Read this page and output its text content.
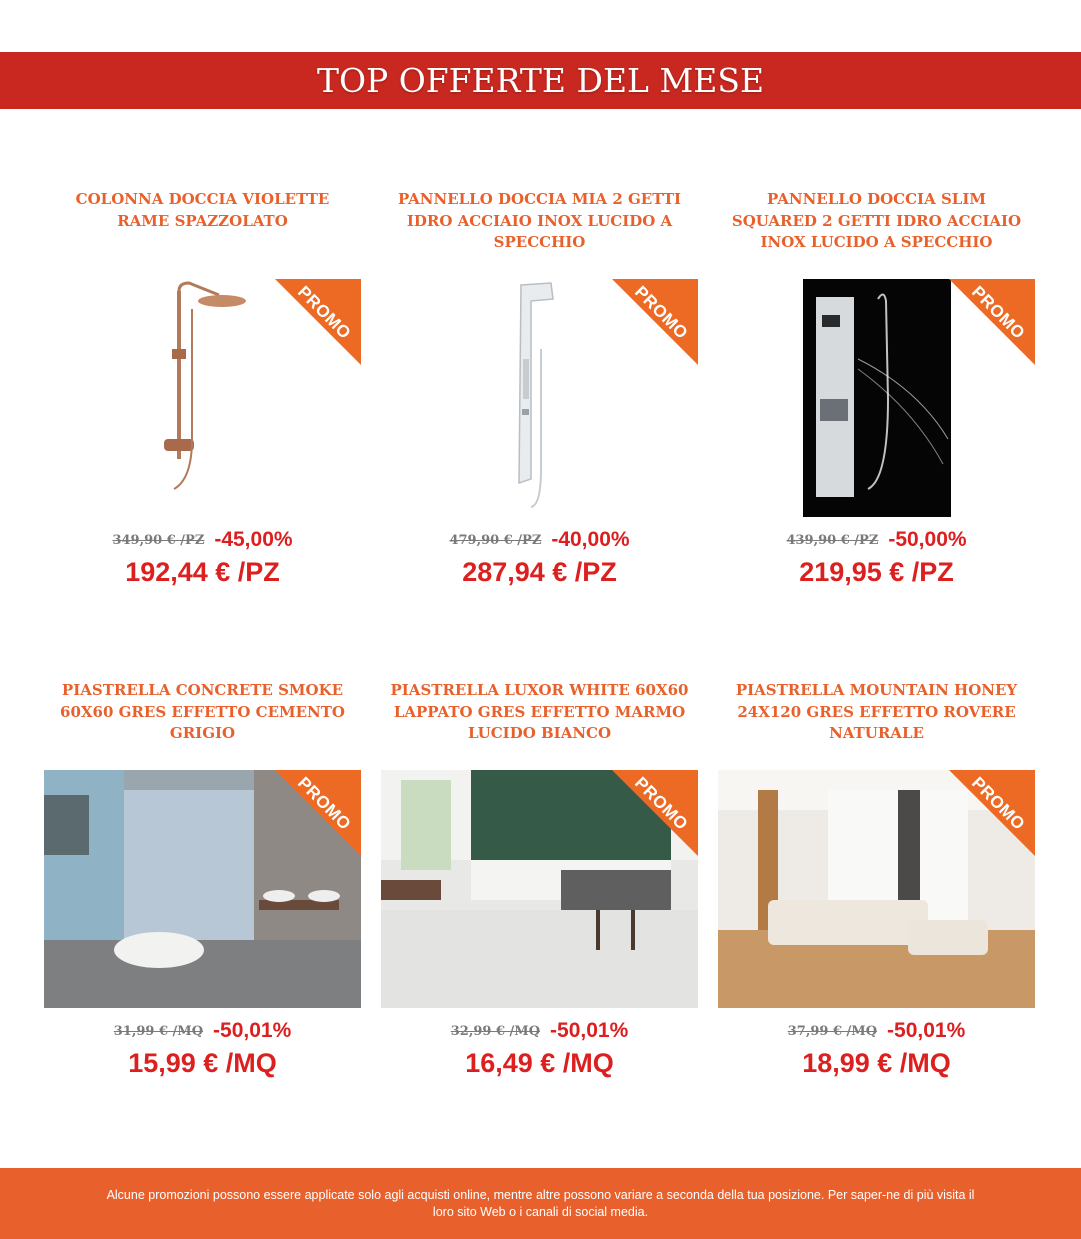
TOP OFFERTE DEL MESE
COLONNA DOCCIA VIOLETTE RAME SPAZZOLATO
PROMO
349,90 € /PZ -45,00%
192,44 € /PZ
PANNELLO DOCCIA MIA 2 GETTI IDRO ACCIAIO INOX LUCIDO A SPECCHIO
PROMO
479,90 € /PZ -40,00%
287,94 € /PZ
PANNELLO DOCCIA SLIM SQUARED 2 GETTI IDRO ACCIAIO INOX LUCIDO A SPECCHIO
PROMO
439,90 € /PZ -50,00%
219,95 € /PZ
PIASTRELLA CONCRETE SMOKE 60X60 GRES EFFETTO CEMENTO GRIGIO
PROMO
31,99 € /MQ -50,01%
15,99 € /MQ
PIASTRELLA LUXOR WHITE 60X60 LAPPATO GRES EFFETTO MARMO LUCIDO BIANCO
PROMO
32,99 € /MQ -50,01%
16,49 € /MQ
PIASTRELLA MOUNTAIN HONEY 24X120 GRES EFFETTO ROVERE NATURALE
PROMO
37,99 € /MQ -50,01%
18,99 € /MQ

Alcune promozioni possono essere applicate solo agli acquisti online, mentre altre possono variare a seconda della tua posizione. Per saper-ne di più visita il loro sito Web o i canali di social media.
